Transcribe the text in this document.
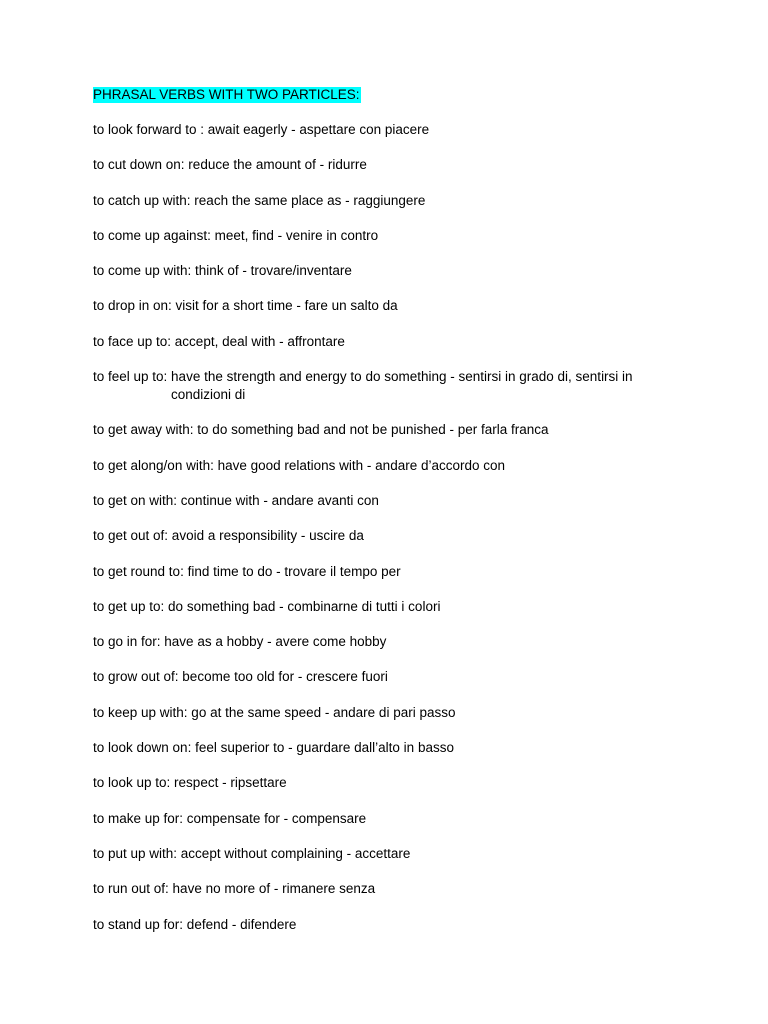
PHRASAL VERBS WITH TWO PARTICLES:
to look forward to : await eagerly - aspettare con piacere
to cut down on: reduce the amount of - ridurre
to catch up with: reach the same place as - raggiungere
to come up against: meet, find - venire in contro
to come up with: think of - trovare/inventare
to drop in on: visit for a short time - fare un salto da
to face up to: accept, deal with - affrontare
to feel up to: have the strength and energy to do something - sentirsi in grado di, sentirsi in
condizioni di
to get away with: to do something bad and not be punished - per farla franca
to get along/on with: have good relations with - andare d’accordo con
to get on with: continue with - andare avanti con
to get out of: avoid a responsibility - uscire da
to get round to: find time to do - trovare il tempo per
to get up to: do something bad - combinarne di tutti i colori
to go in for: have as a hobby - avere come hobby
to grow out of: become too old for - crescere fuori
to keep up with: go at the same speed - andare di pari passo
to look down on: feel superior to - guardare dall’alto in basso
to look up to: respect - ripsettare
to make up for: compensate for - compensare
to put up with: accept without complaining - accettare
to run out of: have no more of - rimanere senza
to stand up for: defend - difendere
